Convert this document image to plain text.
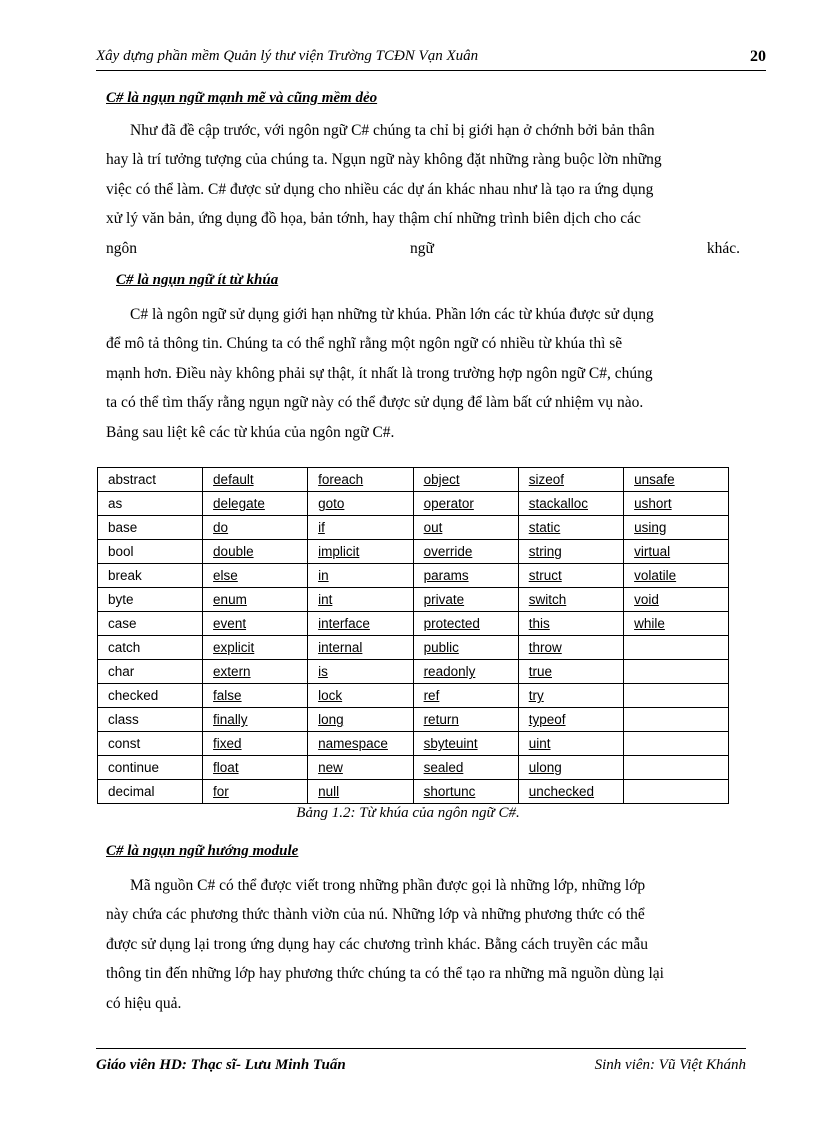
Xây dựng phần mềm Quản lý thư viện Trường TCĐN Vạn Xuân	20
C# là ngụn ngữ mạnh mẽ và cũng mềm dẻo
Như đã đề cập trước, với ngôn ngữ C# chúng ta chỉ bị giới hạn ở chớnh bởi bản thân
hay là trí tưởng tượng của chúng ta. Ngụn ngữ này không đặt những ràng buộc lờn những
việc có thể làm. C# được sử dụng cho nhiều các dự án khác nhau như là tạo ra ứng dụng
xử lý văn bản, ứng dụng đồ họa, bản tớnh, hay thậm chí những trình biên dịch cho các
ngôn	ngữ	khác.
C# là ngụn ngữ ít từ khúa
C# là ngôn ngữ sử dụng giới hạn những từ khúa. Phần lớn các từ khúa được sử dụng
để mô tả thông tin. Chúng ta có thể nghĩ rằng một ngôn ngữ có nhiều từ khúa thì sẽ
mạnh hơn. Điều này không phải sự thật, ít nhất là trong trường hợp ngôn ngữ C#, chúng
ta có thể tìm thấy rằng ngụn ngữ này có thể được sử dụng để làm bất cứ nhiệm vụ nào.
Bảng sau liệt kê các từ khúa của ngôn ngữ C#.
abstract	default	foreach	object	sizeof	unsafe
as	delegate	goto	operator	stackalloc	ushort
base	do	if	out	static	using
bool	double	implicit	override	string	virtual
break	else	in	params	struct	volatile
byte	enum	int	private	switch	void
case	event	interface	protected	this	while
catch	explicit	internal	public	throw	
char	extern	is	readonly	true	
checked	false	lock	ref	try	
class	finally	long	return	typeof	
const	fixed	namespace	sbyteuint	uint	
continue	float	new	sealed	ulong	
decimal	for	null	shortunc	unchecked	
Bảng 1.2: Từ khúa của ngôn ngữ C#.
C# là ngụn ngữ hướng module
Mã nguồn C# có thể được viết trong những phần được gọi là những lớp, những lớp
này chứa các phương thức thành viờn của nú. Những lớp và những phương thức có thể
được sử dụng lại trong ứng dụng hay các chương trình khác. Bằng cách truyền các mẫu
thông tin đến những lớp hay phương thức chúng ta có thể tạo ra những mã nguồn dùng lại
có hiệu quả.
Giáo viên HD: Thạc sĩ- Lưu Minh Tuấn	Sinh viên: Vũ Việt Khánh
